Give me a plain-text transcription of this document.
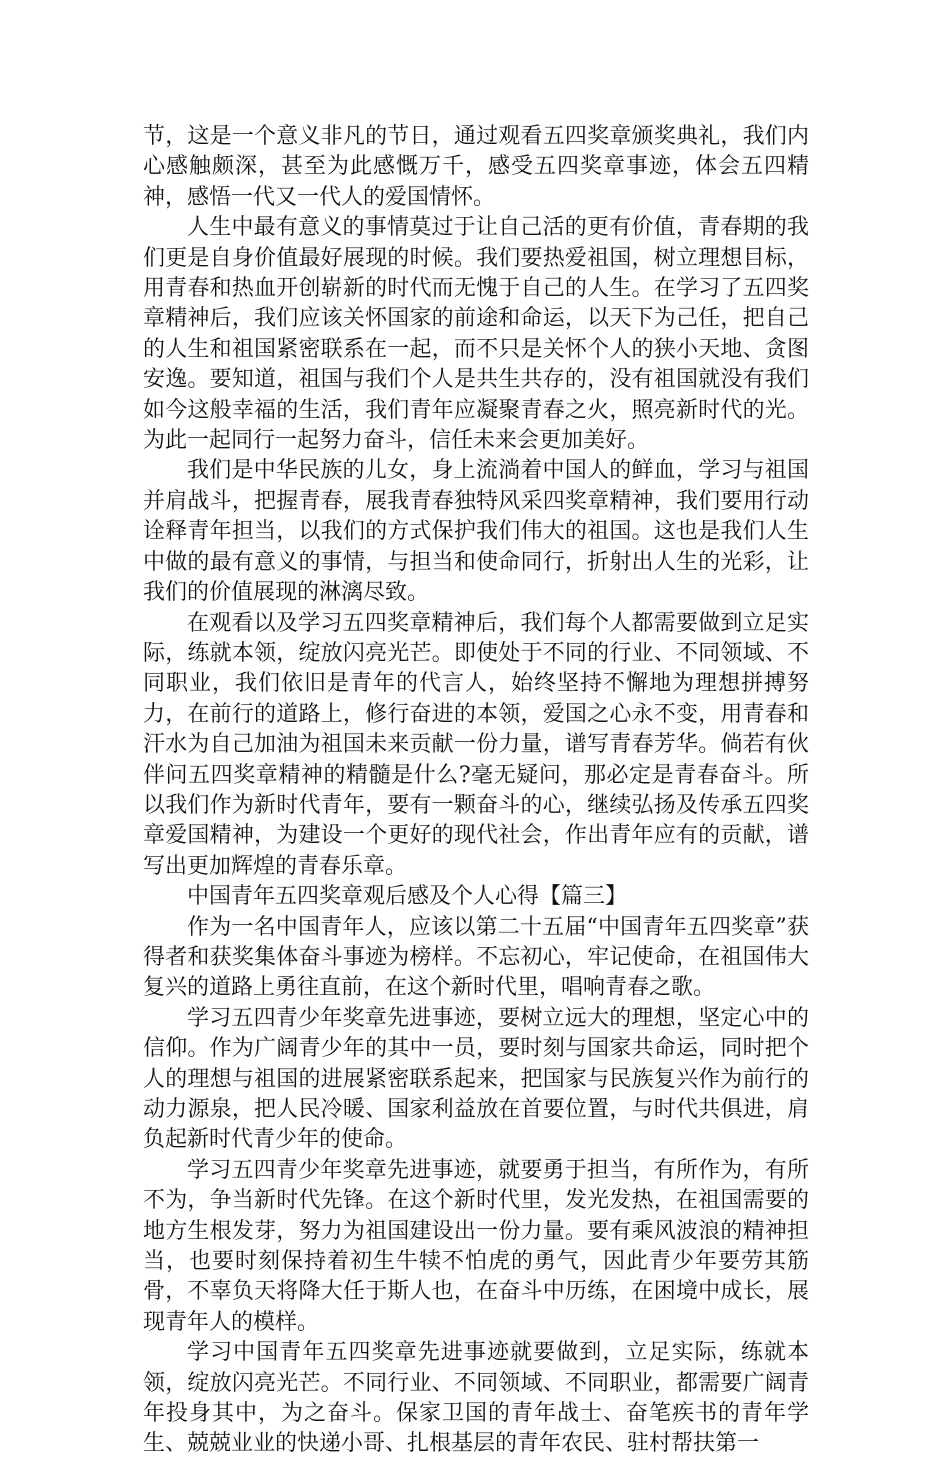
节，这是一个意义非凡的节日，通过观看五四奖章颁奖典礼，我们内心感触颇深，甚至为此感慨万千，感受五四奖章事迹，体会五四精神，感悟一代又一代人的爱国情怀。

人生中最有意义的事情莫过于让自己活的更有价值，青春期的我们更是自身价值最好展现的时候。我们要热爱祖国，树立理想目标，用青春和热血开创崭新的时代而无愧于自己的人生。在学习了五四奖章精神后，我们应该关怀国家的前途和命运，以天下为己任，把自己的人生和祖国紧密联系在一起，而不只是关怀个人的狭小天地、贪图安逸。要知道，祖国与我们个人是共生共存的，没有祖国就没有我们如今这般幸福的生活，我们青年应凝聚青春之火，照亮新时代的光。为此一起同行一起努力奋斗，信任未来会更加美好。

我们是中华民族的儿女，身上流淌着中国人的鲜血，学习与祖国并肩战斗，把握青春，展我青春独特风采四奖章精神，我们要用行动诠释青年担当，以我们的方式保护我们伟大的祖国。这也是我们人生中做的最有意义的事情，与担当和使命同行，折射出人生的光彩，让我们的价值展现的淋漓尽致。

在观看以及学习五四奖章精神后，我们每个人都需要做到立足实际，练就本领，绽放闪亮光芒。即使处于不同的行业、不同领域、不同职业，我们依旧是青年的代言人，始终坚持不懈地为理想拼搏努力，在前行的道路上，修行奋进的本领，爱国之心永不变，用青春和汗水为自己加油为祖国未来贡献一份力量，谱写青春芳华。倘若有伙伴问五四奖章精神的精髓是什么?毫无疑问，那必定是青春奋斗。所以我们作为新时代青年，要有一颗奋斗的心，继续弘扬及传承五四奖章爱国精神，为建设一个更好的现代社会，作出青年应有的贡献，谱写出更加辉煌的青春乐章。

中国青年五四奖章观后感及个人心得【篇三】

作为一名中国青年人，应该以第二十五届“中国青年五四奖章”获得者和获奖集体奋斗事迹为榜样。不忘初心，牢记使命，在祖国伟大复兴的道路上勇往直前，在这个新时代里，唱响青春之歌。

学习五四青少年奖章先进事迹，要树立远大的理想，坚定心中的信仰。作为广阔青少年的其中一员，要时刻与国家共命运，同时把个人的理想与祖国的进展紧密联系起来，把国家与民族复兴作为前行的动力源泉，把人民冷暖、国家利益放在首要位置，与时代共俱进，肩负起新时代青少年的使命。

学习五四青少年奖章先进事迹，就要勇于担当，有所作为，有所不为，争当新时代先锋。在这个新时代里，发光发热，在祖国需要的地方生根发芽，努力为祖国建设出一份力量。要有乘风波浪的精神担当，也要时刻保持着初生牛犊不怕虎的勇气，因此青少年要劳其筋骨，不辜负天将降大任于斯人也，在奋斗中历练，在困境中成长，展现青年人的模样。

学习中国青年五四奖章先进事迹就要做到，立足实际，练就本领，绽放闪亮光芒。不同行业、不同领域、不同职业，都需要广阔青年投身其中，为之奋斗。保家卫国的青年战士、奋笔疾书的青年学生、兢兢业业的快递小哥、扎根基层的青年农民、驻村帮扶第一
